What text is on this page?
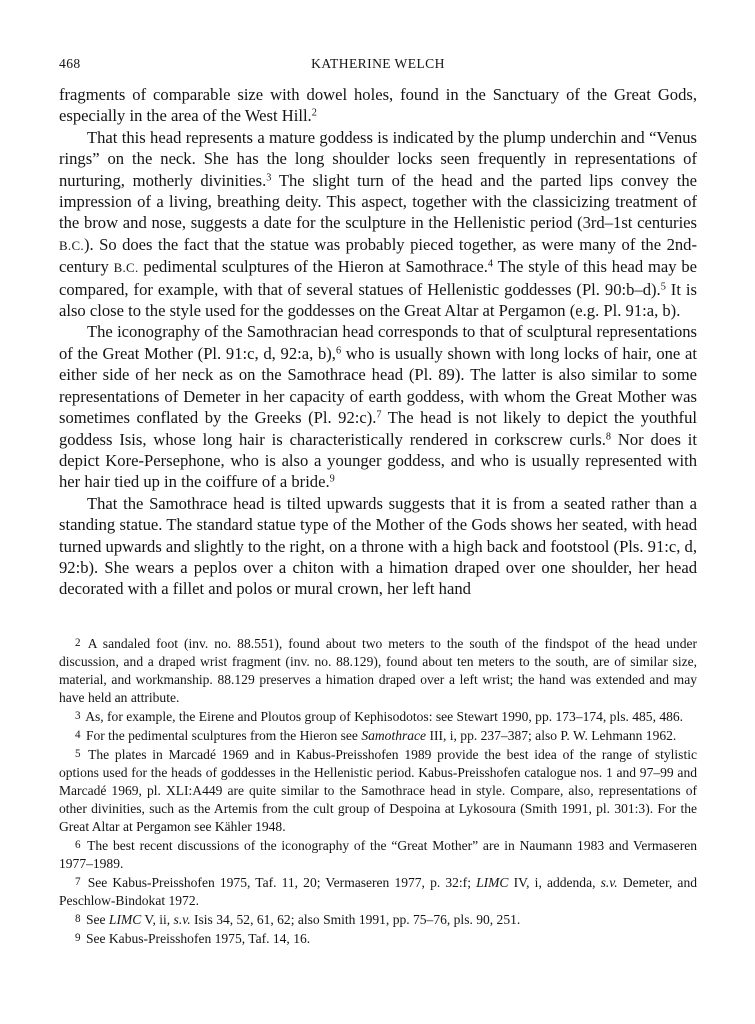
468	KATHERINE WELCH

fragments of comparable size with dowel holes, found in the Sanctuary of the Great Gods, especially in the area of the West Hill.$^2$

That this head represents a mature goddess is indicated by the plump underchin and “Venus rings” on the neck. She has the long shoulder locks seen frequently in representations of nurturing, motherly divinities.$^3$ The slight turn of the head and the parted lips convey the impression of a living, breathing deity. This aspect, together with the classicizing treatment of the brow and nose, suggests a date for the sculpture in the Hellenistic period (3rd–1st centuries B.C.). So does the fact that the statue was probably pieced together, as were many of the 2nd-century B.C. pedimental sculptures of the Hieron at Samothrace.$^4$ The style of this head may be compared, for example, with that of several statues of Hellenistic goddesses (Pl. 90:b–d).$^5$ It is also close to the style used for the goddesses on the Great Altar at Pergamon (e.g. Pl. 91:a, b).

The iconography of the Samothracian head corresponds to that of sculptural representations of the Great Mother (Pl. 91:c, d, 92:a, b),$^6$ who is usually shown with long locks of hair, one at either side of her neck as on the Samothrace head (Pl. 89). The latter is also similar to some representations of Demeter in her capacity of earth goddess, with whom the Great Mother was sometimes conflated by the Greeks (Pl. 92:c).$^7$ The head is not likely to depict the youthful goddess Isis, whose long hair is characteristically rendered in corkscrew curls.$^8$ Nor does it depict Kore-Persephone, who is also a younger goddess, and who is usually represented with her hair tied up in the coiffure of a bride.$^9$

That the Samothrace head is tilted upwards suggests that it is from a seated rather than a standing statue. The standard statue type of the Mother of the Gods shows her seated, with head turned upwards and slightly to the right, on a throne with a high back and footstool (Pls. 91:c, d, 92:b). She wears a peplos over a chiton with a himation draped over one shoulder, her head decorated with a fillet and polos or mural crown, her left hand

2 A sandaled foot (inv. no. 88.551), found about two meters to the south of the findspot of the head under discussion, and a draped wrist fragment (inv. no. 88.129), found about ten meters to the south, are of similar size, material, and workmanship. 88.129 preserves a himation draped over a left wrist; the hand was extended and may have held an attribute.

3 As, for example, the Eirene and Ploutos group of Kephisodotos: see Stewart 1990, pp. 173–174, pls. 485, 486.

4 For the pedimental sculptures from the Hieron see Samothrace III, i, pp. 237–387; also P. W. Lehmann 1962.

5 The plates in Marcadé 1969 and in Kabus-Preisshofen 1989 provide the best idea of the range of stylistic options used for the heads of goddesses in the Hellenistic period. Kabus-Preisshofen catalogue nos. 1 and 97–99 and Marcadé 1969, pl. XLI:A449 are quite similar to the Samothrace head in style. Compare, also, representations of other divinities, such as the Artemis from the cult group of Despoina at Lykosoura (Smith 1991, pl. 301:3). For the Great Altar at Pergamon see Kähler 1948.

6 The best recent discussions of the iconography of the “Great Mother” are in Naumann 1983 and Vermaseren 1977–1989.

7 See Kabus-Preisshofen 1975, Taf. 11, 20; Vermaseren 1977, p. 32:f; LIMC IV, i, addenda, s.v. Demeter, and Peschlow-Bindokat 1972.

8 See LIMC V, ii, s.v. Isis 34, 52, 61, 62; also Smith 1991, pp. 75–76, pls. 90, 251.

9 See Kabus-Preisshofen 1975, Taf. 14, 16.
